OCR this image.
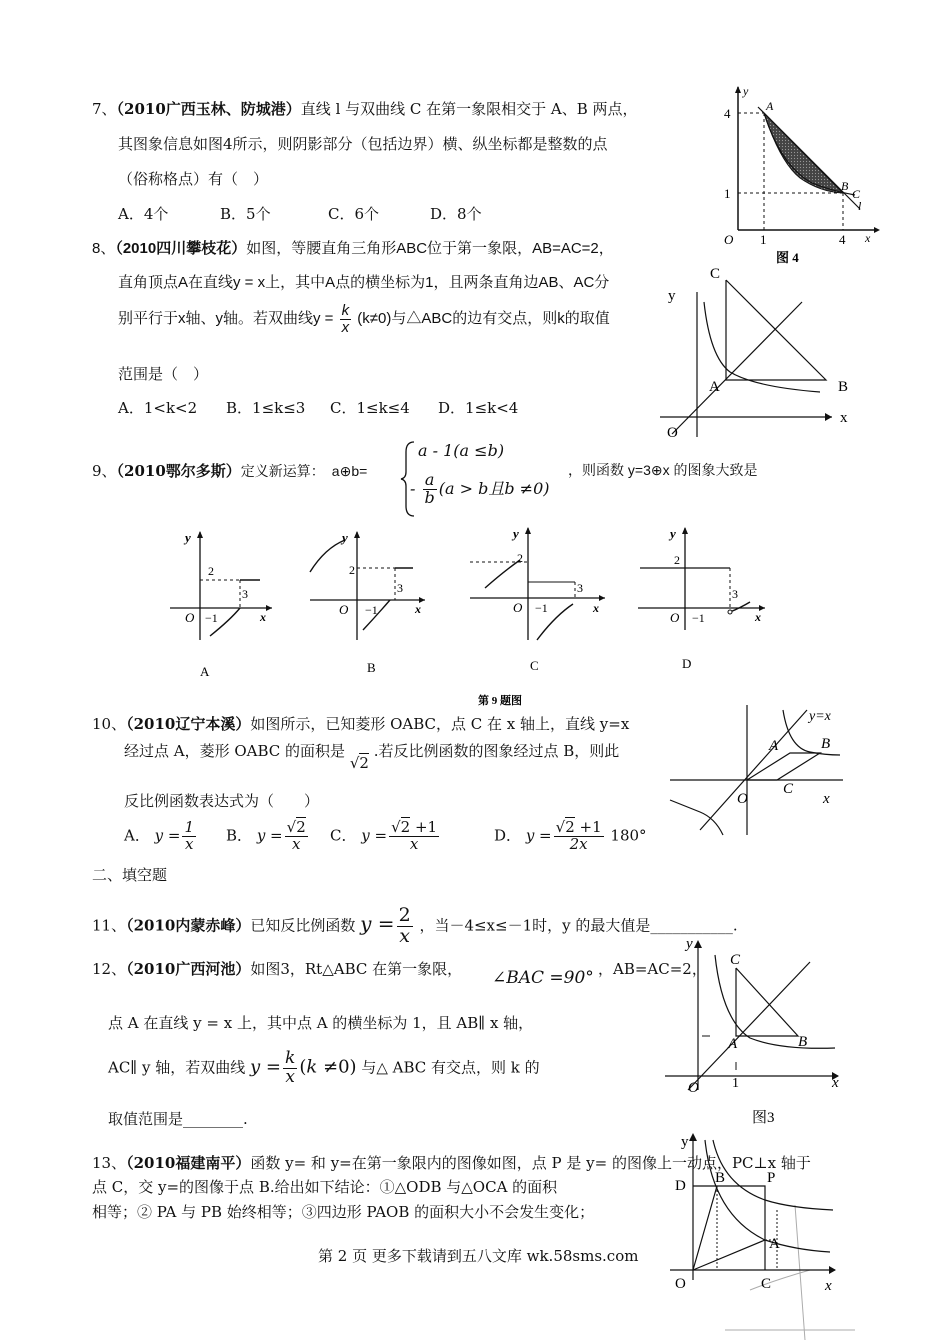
7、（2010广西玉林、防城港）直线 l 与双曲线 C 在第一象限相交于 A、B 两点，
其图象信息如图4所示，则阴影部分（包括边界）横、纵坐标都是整数的点
（俗称格点）有（　）
A．4个	B．5个	C．6个	D．8个
y
A
4
B
C
l
1
O 1	4 x
图 4
8、（2010四川攀枝花）如图，等腰直角三角形ABC位于第一象限，AB=AC=2，
直角顶点A在直线y = x上，其中A点的横坐标为1，且两条直角边AB、AC分
别平行于x轴、y轴。若双曲线$y = \frac{k}{x} (k\ne 0)$与△ABC的边有交点，则k的取值
范围是（　）
A．1<k<2 B．1≤k≤3 C．1≤k≤4 D．1≤k<4
C
y
A	B
x
O
9、（2010鄂尔多斯）定义新运算：　a⊕b=
a - 1(a ≤b)
- $\frac{a}{b} (a > b$且b ≠0)
，则函数 y=3⊕x 的图象大致是
y
2
3
O −1	x
A
y
2
3
O −1	x
B
y
2
3
O −1	x
C
y
2
3
O −1	x
D
第 9 题图
10、（2010辽宁本溪）如图所示，已知菱形 OABC，点 C 在 x 轴上，直线 y=x
经过点 A，菱形 OABC 的面积是 √2 .若反比例函数的图象经过点 B，则此
反比例函数表达式为（　　）
A． $y = \frac{1}{x}$ B． $y = \frac{√2}{x}$ C． $y = \frac{√2 +1}{x}$	D． $y = \frac{√2 +1}{2x} 180^\circ$
y=x
A	B
O
C
x
二、填空题
11、（2010内蒙赤峰）已知反比例函数 $y = \frac{2}{x}$ ，当－4≤x≤－1时，y 的最大值是___________.
12、（2010广西河池）如图3，Rt△ABC 在第一象限， ∠BAC =90° ，AB=AC=2，
点 A 在直线 y = x 上，其中点 A 的横坐标为 1，且 AB∥ x 轴，
AC∥ y 轴，若双曲线 $y = \frac{k}{x} (k \ne 0)$ 与△ ABC 有交点，则 k 的
取值范围是________.
y
C
A	B
O 1	x
图3
13、（2010福建南平）函数 y= 和 y=在第一象限内的图像如图，点 P 是 y= 的图像上一动点，PC⊥x 轴于
点 C，交 y=的图像于点 B.给出如下结论：①△ODB 与△OCA 的面积
相等；② PA 与 PB 始终相等；③四边形 PAOB 的面积大小不会发生变化；
y
D B	P
A
O	C	x
第 2 页 更多下载请到五八文库 wk.58sms.com
